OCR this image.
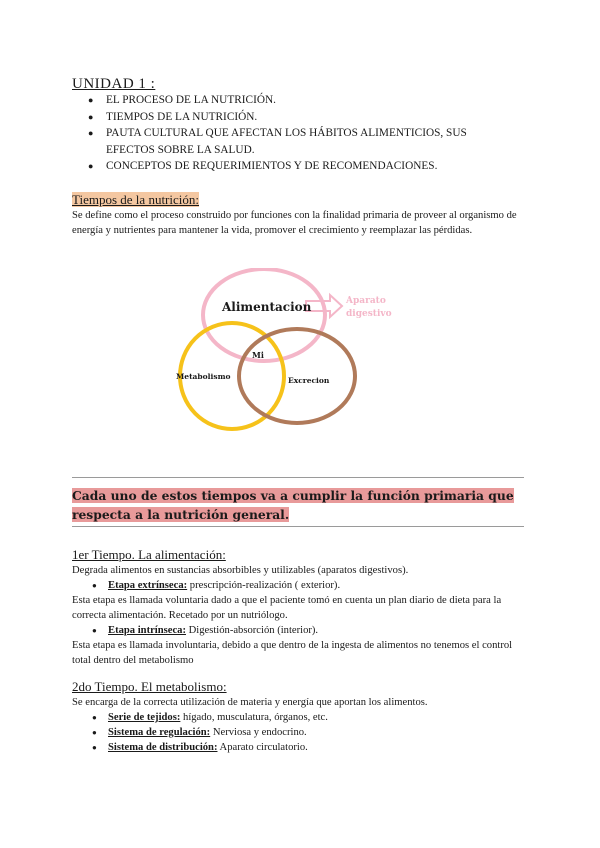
UNIDAD 1 :
● EL PROCESO DE LA NUTRICIÓN.
● TIEMPOS DE LA NUTRICIÓN.
● PAUTA CULTURAL QUE AFECTAN LOS HÁBITOS ALIMENTICIOS, SUS EFECTOS SOBRE LA SALUD.
● CONCEPTOS DE REQUERIMIENTOS Y DE RECOMENDACIONES.
Tiempos de la nutrición:
Se define como el proceso construido por funciones con la finalidad primaria de proveer al organismo de energía y nutrientes para mantener la vida, promover el crecimiento y reemplazar las pérdidas.
Alimentacion	Aparato
digestivo
Mi
Metabolismo	Excrecion
Cada uno de estos tiempos va a cumplir la función primaria que respecta a la nutrición general.
1er Tiempo. La alimentación:
Degrada alimentos en sustancias absorbibles y utilizables (aparatos digestivos).
● Etapa extrínseca: prescripción-realización ( exterior).
Esta etapa es llamada voluntaria dado a que el paciente tomó en cuenta un plan diario de dieta para la correcta alimentación. Recetado por un nutriólogo.
● Etapa intrínseca: Digestión-absorción (interior).
Esta etapa es llamada involuntaria, debido a que dentro de la ingesta de alimentos no tenemos el control total dentro del metabolismo
2do Tiempo. El metabolismo:
Se encarga de la correcta utilización de materia y energía que aportan los alimentos.
● Serie de tejidos: hígado, musculatura, órganos, etc.
● Sistema de regulación: Nerviosa y endocrino.
● Sistema de distribución: Aparato circulatorio.
